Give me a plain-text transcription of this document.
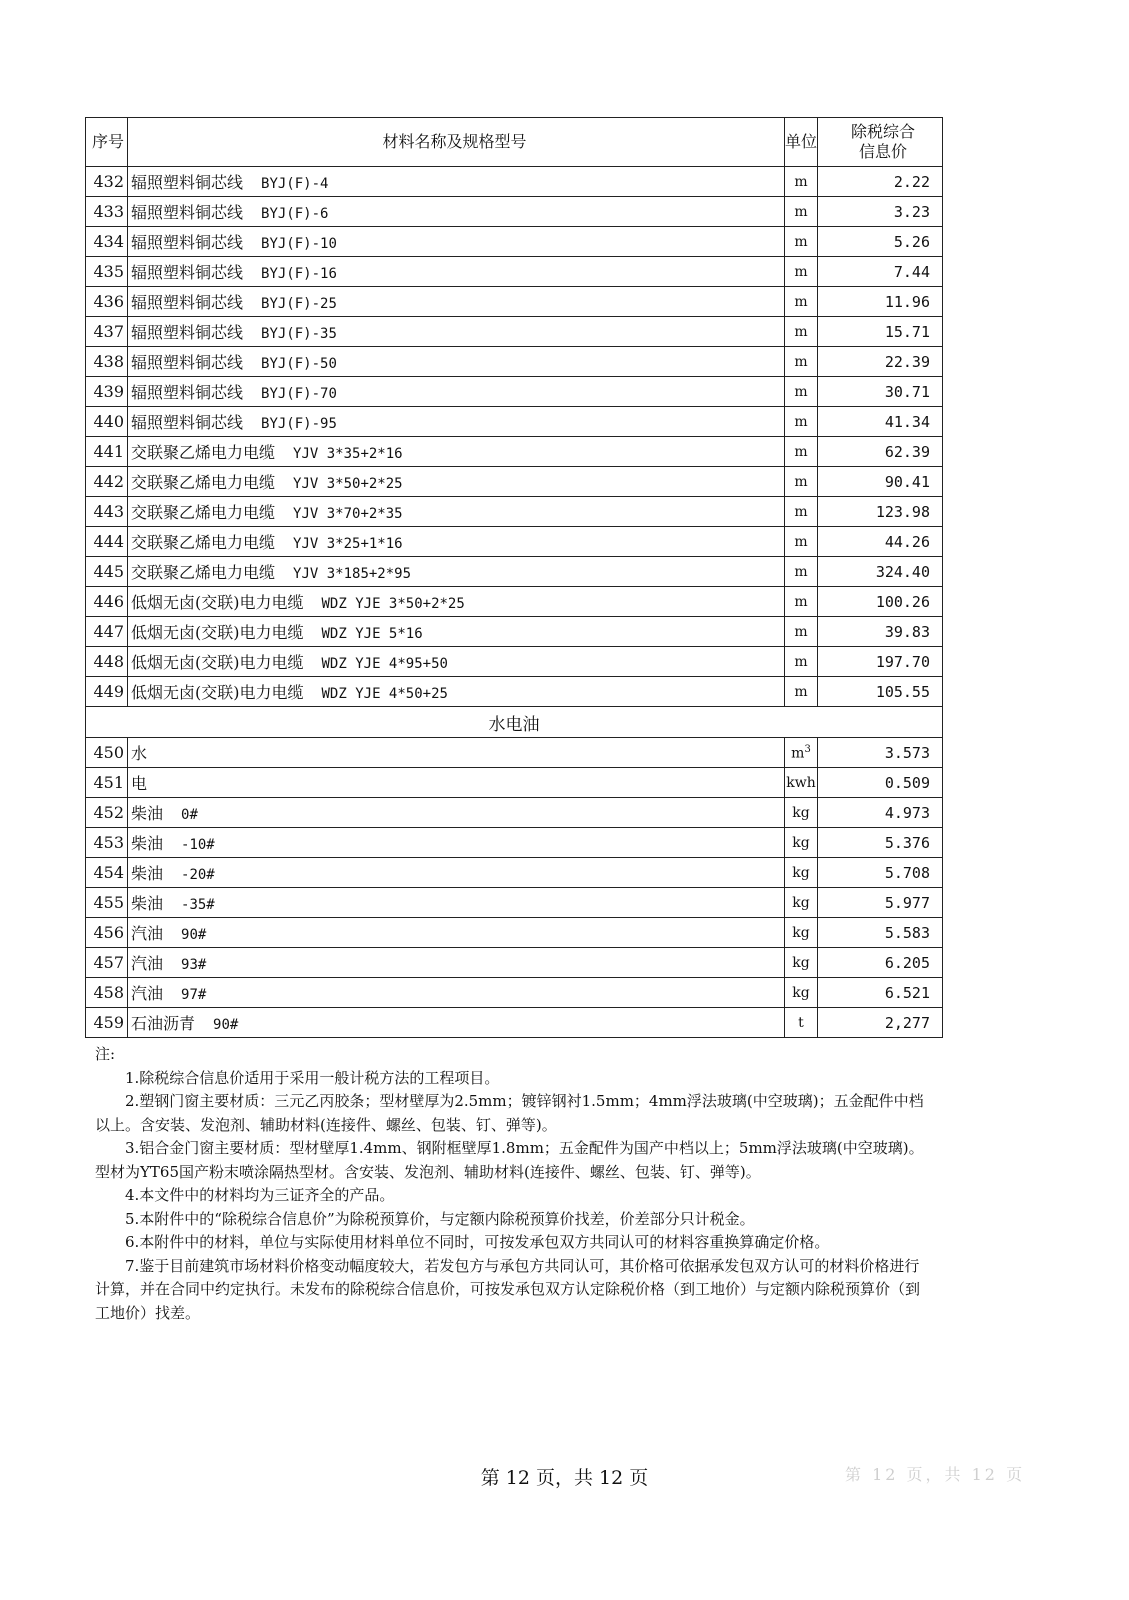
序号	材料名称及规格型号	单位	除税综合
信息价

432	辐照塑料铜芯线 BYJ(F)-4	m	2.22
433	辐照塑料铜芯线 BYJ(F)-6	m	3.23
434	辐照塑料铜芯线 BYJ(F)-10	m	5.26
435	辐照塑料铜芯线 BYJ(F)-16	m	7.44
436	辐照塑料铜芯线 BYJ(F)-25	m	11.96
437	辐照塑料铜芯线 BYJ(F)-35	m	15.71
438	辐照塑料铜芯线 BYJ(F)-50	m	22.39
439	辐照塑料铜芯线 BYJ(F)-70	m	30.71
440	辐照塑料铜芯线 BYJ(F)-95	m	41.34
441	交联聚乙烯电力电缆 YJV 3*35+2*16	m	62.39
442	交联聚乙烯电力电缆 YJV 3*50+2*25	m	90.41
443	交联聚乙烯电力电缆 YJV 3*70+2*35	m	123.98
444	交联聚乙烯电力电缆 YJV 3*25+1*16	m	44.26
445	交联聚乙烯电力电缆 YJV 3*185+2*95	m	324.40
446	低烟无卤(交联)电力电缆 WDZ YJE 3*50+2*25	m	100.26
447	低烟无卤(交联)电力电缆 WDZ YJE 5*16	m	39.83
448	低烟无卤(交联)电力电缆 WDZ YJE 4*95+50	m	197.70
449	低烟无卤(交联)电力电缆 WDZ YJE 4*50+25	m	105.55
水电油			
450	水	$m^3$	3.573
451	电	kwh	0.509
452	柴油 0#	kg	4.973
453	柴油 -10#	kg	5.376
454	柴油 -20#	kg	5.708
455	柴油 -35#	kg	5.977
456	汽油 90#	kg	5.583
457	汽油 93#	kg	6.205
458	汽油 97#	kg	6.521
459	石油沥青 90#	t	2,277

注:

1.除税综合信息价适用于采用一般计税方法的工程项目。

2.塑钢门窗主要材质：三元乙丙胶条；型材壁厚为2.5mm；镀锌钢衬1.5mm；4mm浮法玻璃(中空玻璃)；五金配件中档以上。含安装、发泡剂、辅助材料(连接件、螺丝、包装、钉、弹等)。

3.铝合金门窗主要材质：型材壁厚1.4mm、钢附框壁厚1.8mm；五金配件为国产中档以上；5mm浮法玻璃(中空玻璃)。型材为YT65国产粉末喷涂隔热型材。含安装、发泡剂、辅助材料(连接件、螺丝、包装、钉、弹等)。

4.本文件中的材料均为三证齐全的产品。

5.本附件中的“除税综合信息价”为除税预算价，与定额内除税预算价找差，价差部分只计税金。

6.本附件中的材料，单位与实际使用材料单位不同时，可按发承包双方共同认可的材料容重换算确定价格。

7.鉴于目前建筑市场材料价格变动幅度较大，若发包方与承包方共同认可，其价格可依据承发包双方认可的材料价格进行计算，并在合同中约定执行。未发布的除税综合信息价，可按发承包双方认定除税价格（到工地价）与定额内除税预算价（到工地价）找差。

第 12 页，共 12 页	第 12 页，共 12 页
